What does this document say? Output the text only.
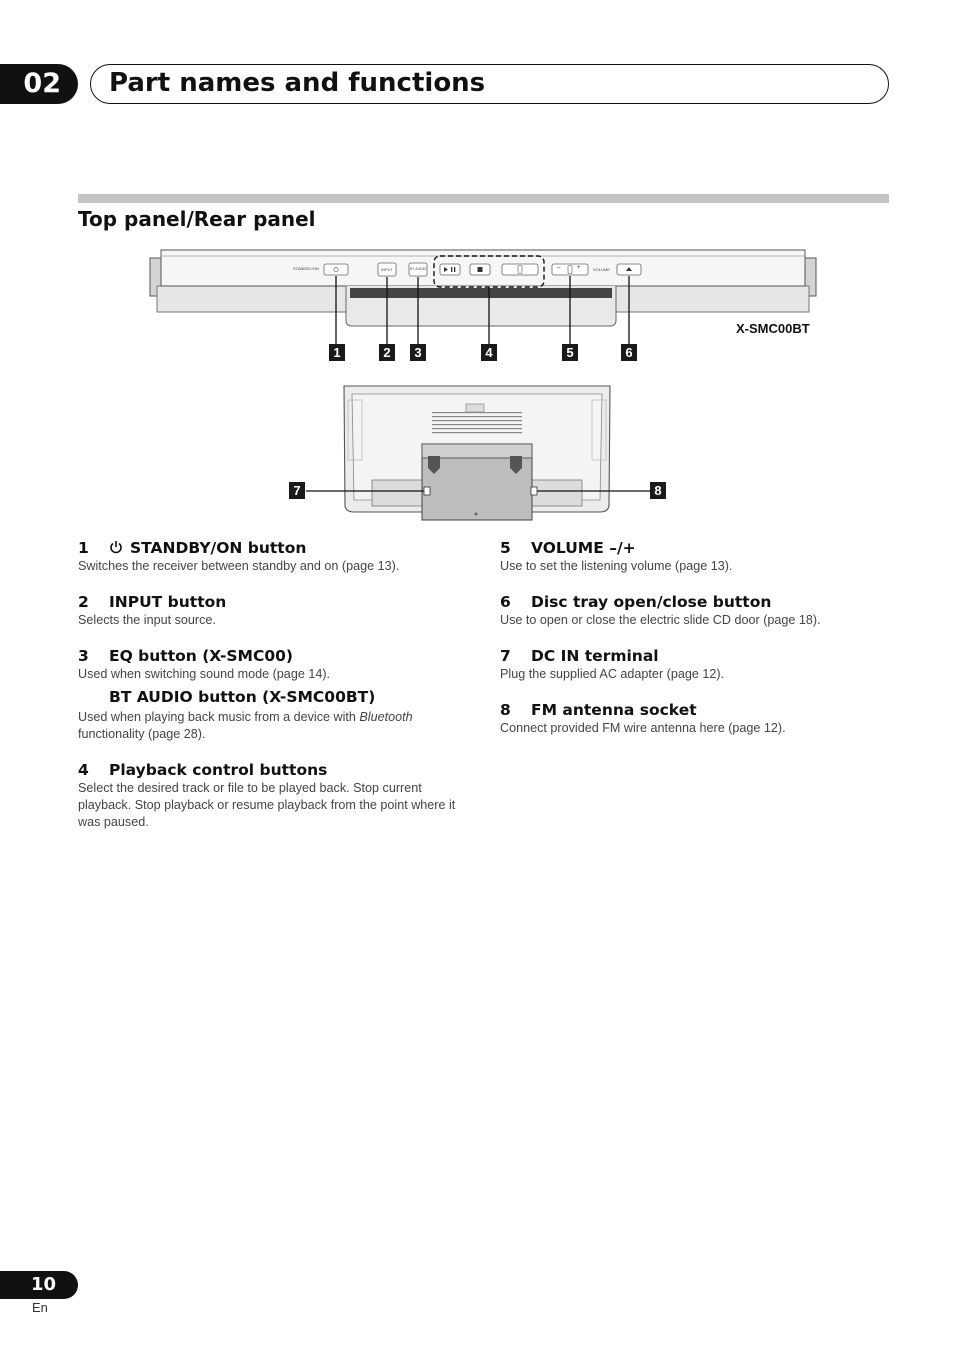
02	Part names and functions
Top panel/Rear panel
STANDBY/ON	INPUT	BT AUDIO	–	+	VOLUME
X-SMC00BT
1	2	3	4	5	6
7	8
1	STANDBY/ON button
Switches the receiver between standby and on (page 13).
2	INPUT button
Selects the input source.
3	EQ button (X-SMC00)
Used when switching sound mode (page 14).
BT AUDIO button (X-SMC00BT)
Used when playing back music from a device with Bluetooth functionality (page 28).
4	Playback control buttons
Select the desired track or file to be played back. Stop current playback. Stop playback or resume playback from the point where it was paused.
5	VOLUME –/+
Use to set the listening volume (page 13).
6	Disc tray open/close button
Use to open or close the electric slide CD door (page 18).
7	DC IN terminal
Plug the supplied AC adapter (page 12).
8	FM antenna socket
Connect provided FM wire antenna here (page 12).
10
En
